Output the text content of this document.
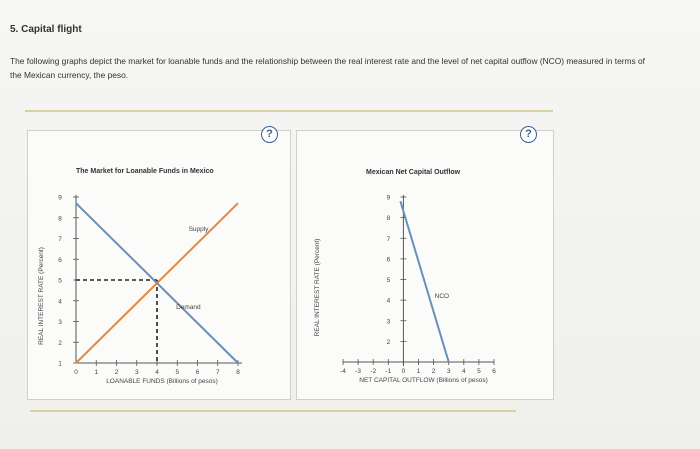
5. Capital flight
The following graphs depict the market for loanable funds and the relationship between the real interest rate and the level of net capital outflow (NCO) measured in terms of the Mexican currency, the peso.
?	?
The Market for Loanable Funds in Mexico	Mexican Net Capital Outflow
1
2
3
4
5
6
7
8
9
0	1	2	3	4	5	6	7	8
Supply
Demand
LOANABLE FUNDS (Billions of pesos)
REAL INTEREST RATE (Percent)	2
3
4
5
6
7
8
9
-4 -3 -2 -1 0 1 2 3 4 5 6
NCO
NET CAPITAL OUTFLOW (Billions of pesos)
REAL INTEREST RATE (Percent)
